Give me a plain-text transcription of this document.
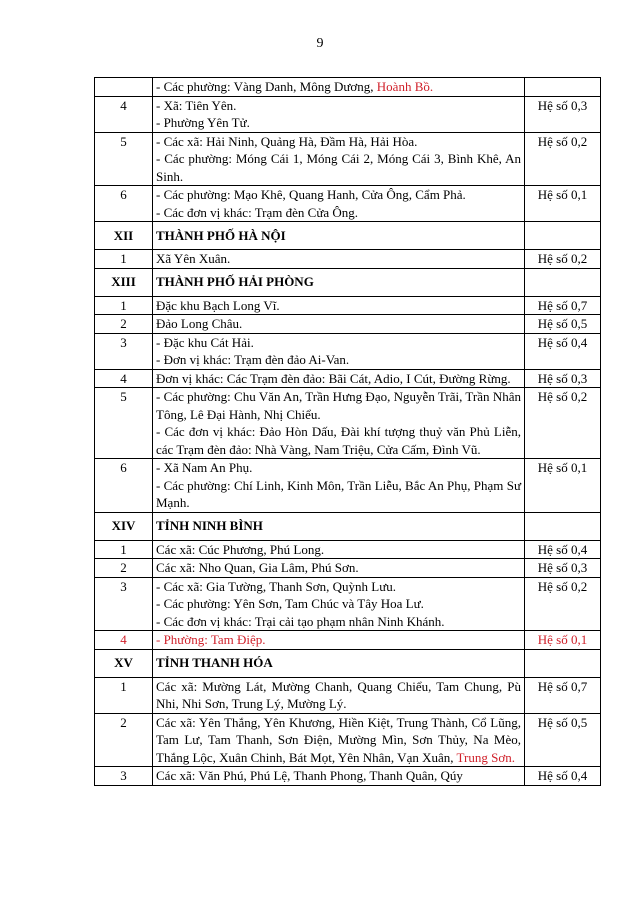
9

	- Các phường: Vàng Danh, Mông Dương, Hoành Bồ.	

4	- Xã: Tiên Yên.
- Phường Yên Tử.	Hệ số 0,3
5	- Các xã: Hải Ninh, Quảng Hà, Đầm Hà, Hải Hòa.
- Các phường: Móng Cái 1, Móng Cái 2, Móng Cái 3, Bình Khê, An Sinh.	Hệ số 0,2
6	- Các phường: Mạo Khê, Quang Hanh, Cửa Ông, Cẩm Phả.
- Các đơn vị khác: Trạm đèn Cửa Ông.	Hệ số 0,1
XII	THÀNH PHỐ HÀ NỘI	

1	Xã Yên Xuân.	Hệ số 0,2
XIII	THÀNH PHỐ HẢI PHÒNG	

1	Đặc khu Bạch Long Vĩ.	Hệ số 0,7
2	Đảo Long Châu.	Hệ số 0,5
3	- Đặc khu Cát Hải.
- Đơn vị khác: Trạm đèn đảo Ai-Van.	Hệ số 0,4
4	Đơn vị khác: Các Trạm đèn đảo: Bãi Cát, Adio, I Cút, Đường Rừng.	Hệ số 0,3
5	- Các phường: Chu Văn An, Trần Hưng Đạo, Nguyễn Trãi, Trần Nhân Tông, Lê Đại Hành, Nhị Chiểu.
- Các đơn vị khác: Đảo Hòn Dấu, Đài khí tượng thuỷ văn Phủ Liễn, các Trạm đèn đảo: Nhà Vàng, Nam Triệu, Cửa Cấm, Đình Vũ.	Hệ số 0,2
6	- Xã Nam An Phụ.
- Các phường: Chí Linh, Kinh Môn, Trần Liễu, Bắc An Phụ, Phạm Sư Mạnh.	Hệ số 0,1
XIV	TỈNH NINH BÌNH	

1	Các xã: Cúc Phương, Phú Long.	Hệ số 0,4
2	Các xã: Nho Quan, Gia Lâm, Phú Sơn.	Hệ số 0,3
3	- Các xã: Gia Tường, Thanh Sơn, Quỳnh Lưu.
- Các phường: Yên Sơn, Tam Chúc và Tây Hoa Lư.
- Các đơn vị khác: Trại cải tạo phạm nhân Ninh Khánh.	Hệ số 0,2
4	- Phường: Tam Điệp.	Hệ số 0,1
XV	TỈNH THANH HÓA	

1	Các xã: Mường Lát, Mường Chanh, Quang Chiểu, Tam Chung, Pù Nhi, Nhi Sơn, Trung Lý, Mường Lý.	Hệ số 0,7
2	Các xã: Yên Thắng, Yên Khương, Hiền Kiệt, Trung Thành, Cổ Lũng, Tam Lư, Tam Thanh, Sơn Điện, Mường Mìn, Sơn Thủy, Na Mèo, Thắng Lộc, Xuân Chinh, Bát Mọt, Yên Nhân, Vạn Xuân, Trung Sơn.	Hệ số 0,5
3	Các xã: Văn Phú, Phú Lệ, Thanh Phong, Thanh Quân, Qúy	Hệ số 0,4
